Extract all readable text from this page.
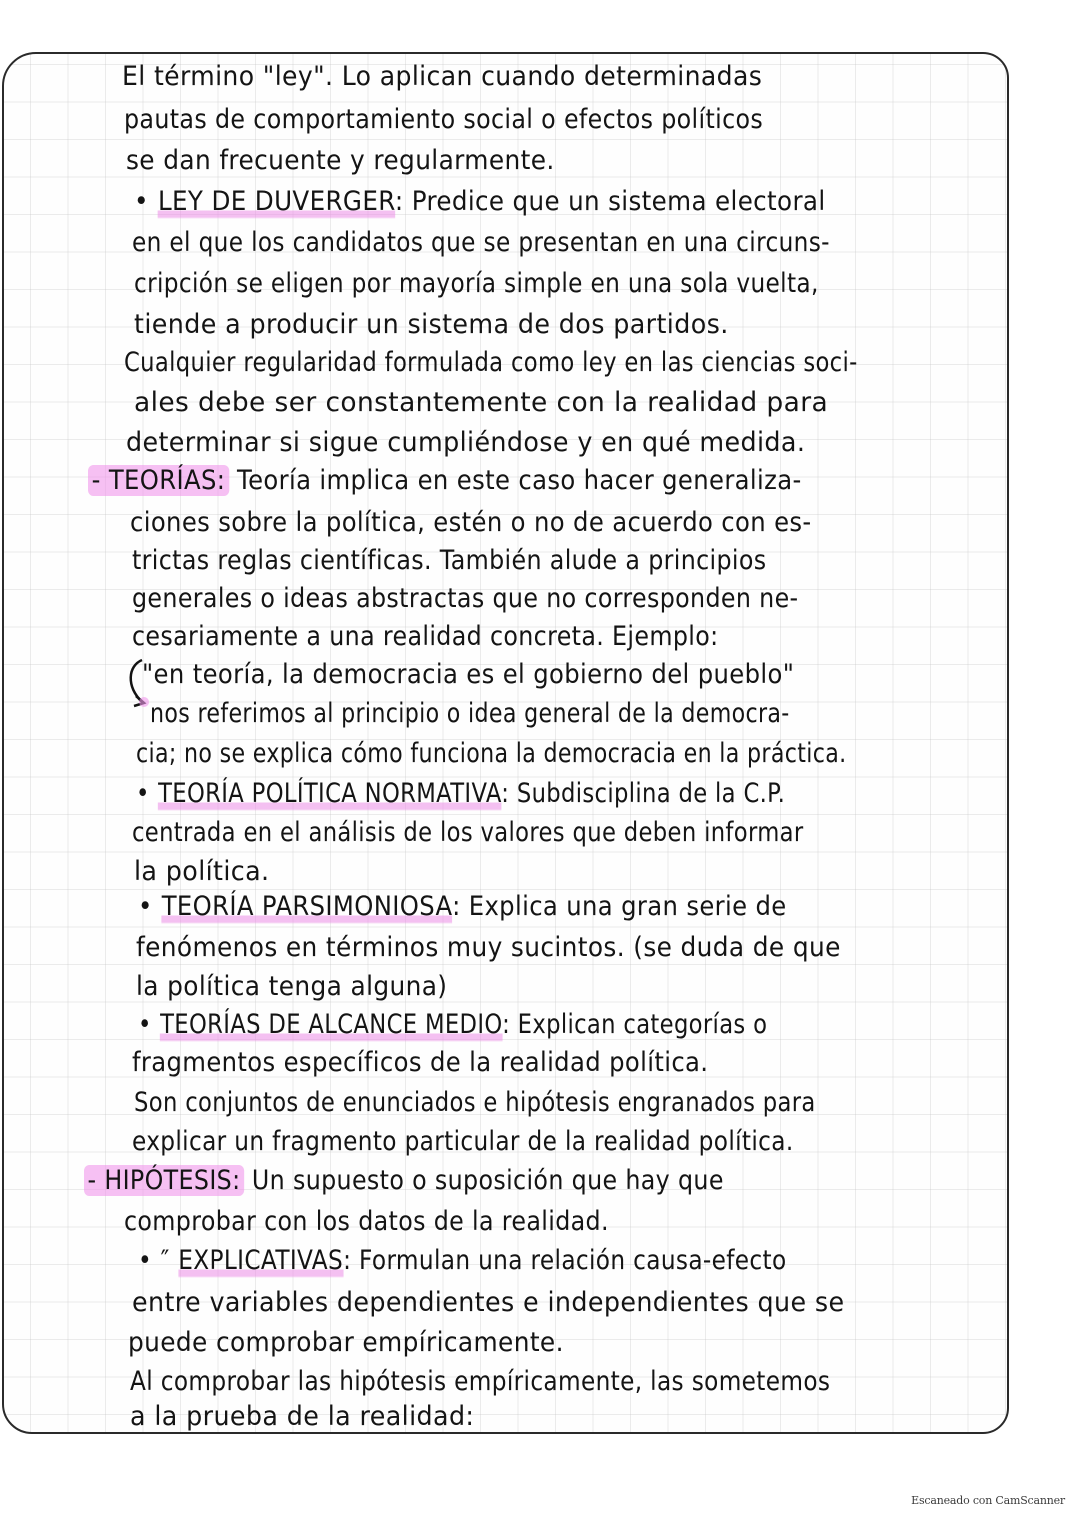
El término "ley". Lo aplican cuando determinadas
pautas de comportamiento social o efectos políticos
se dan frecuente y regularmente.
• LEY DE DUVERGER: Predice que un sistema electoral
en el que los candidatos que se presentan en una circuns-
cripción se eligen por mayoría simple en una sola vuelta,
tiende a producir un sistema de dos partidos.
Cualquier regularidad formulada como ley en las ciencias soci-
ales debe ser constantemente con la realidad para
determinar si sigue cumpliéndose y en qué medida.
- TEORÍAS: Teoría implica en este caso hacer generaliza-
ciones sobre la política, estén o no de acuerdo con es-
trictas reglas científicas. También alude a principios
generales o ideas abstractas que no corresponden ne-
cesariamente a una realidad concreta. Ejemplo:
"en teoría, la democracia es el gobierno del pueblo"
nos referimos al principio o idea general de la democra-
cia; no se explica cómo funciona la democracia en la práctica.
• TEORÍA POLÍTICA NORMATIVA: Subdisciplina de la C.P.
centrada en el análisis de los valores que deben informar
la política.
• TEORÍA PARSIMONIOSA: Explica una gran serie de
fenómenos en términos muy sucintos. (se duda de que
la política tenga alguna)
• TEORÍAS DE ALCANCE MEDIO: Explican categorías o
fragmentos específicos de la realidad política.
Son conjuntos de enunciados e hipótesis engranados para
explicar un fragmento particular de la realidad política.
- HIPÓTESIS: Un supuesto o suposición que hay que
comprobar con los datos de la realidad.
• ″ EXPLICATIVAS: Formulan una relación causa-efecto
entre variables dependientes e independientes que se
puede comprobar empíricamente.
Al comprobar las hipótesis empíricamente, las sometemos
a la prueba de la realidad:
Escaneado con CamScanner
